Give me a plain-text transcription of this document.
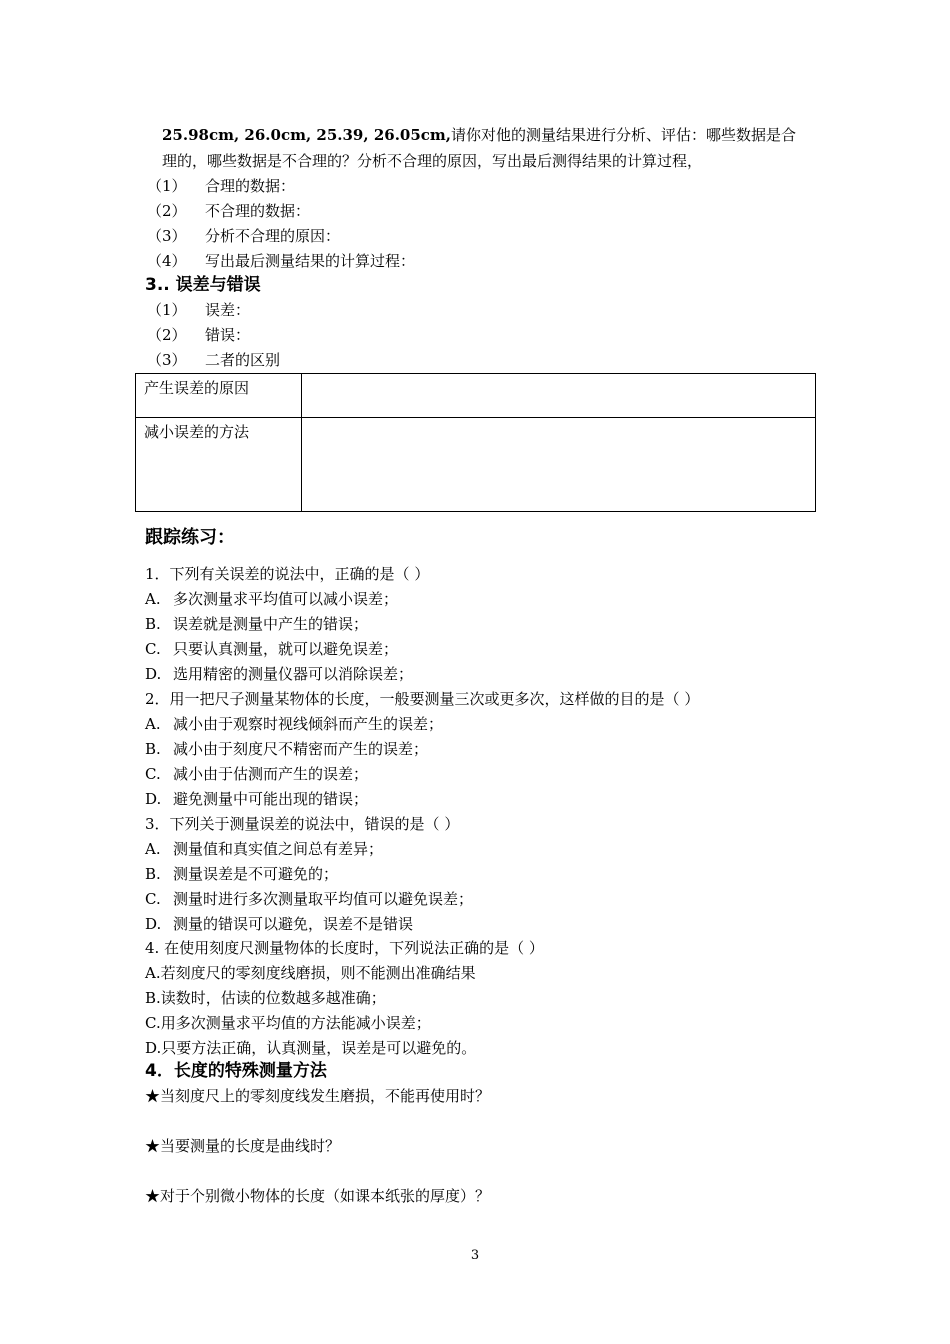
25.98cm, 26.0cm, 25.39, 26.05cm,请你对他的测量结果进行分析、评估：哪些数据是合
理的，哪些数据是不合理的？分析不合理的原因，写出最后测得结果的计算过程，
（1） 合理的数据：
（2） 不合理的数据：
（3） 分析不合理的原因：
（4） 写出最后测量结果的计算过程：
3.. 误差与错误
（1） 误差：
（2） 错误：
（3） 二者的区别
产生误差的原因	
减小误差的方法	
跟踪练习：
1．下列有关误差的说法中，正确的是（ ）
A. 多次测量求平均值可以减小误差；
B. 误差就是测量中产生的错误；
C. 只要认真测量，就可以避免误差；
D. 选用精密的测量仪器可以消除误差；
2．用一把尺子测量某物体的长度，一般要测量三次或更多次，这样做的目的是（ ）
A. 减小由于观察时视线倾斜而产生的误差；
B. 减小由于刻度尺不精密而产生的误差；
C. 减小由于估测而产生的误差；
D. 避免测量中可能出现的错误；
3．下列关于测量误差的说法中，错误的是（ ）
A. 测量值和真实值之间总有差异；
B. 测量误差是不可避免的；
C. 测量时进行多次测量取平均值可以避免误差；
D. 测量的错误可以避免，误差不是错误
4. 在使用刻度尺测量物体的长度时，下列说法正确的是（ ）
A.若刻度尺的零刻度线磨损，则不能测出准确结果
B.读数时，估读的位数越多越准确；
C.用多次测量求平均值的方法能减小误差；
D.只要方法正确，认真测量，误差是可以避免的。
4．长度的特殊测量方法
★当刻度尺上的零刻度线发生磨损，不能再使用时？
★当要测量的长度是曲线时？
★对于个别微小物体的长度（如课本纸张的厚度）？
3
